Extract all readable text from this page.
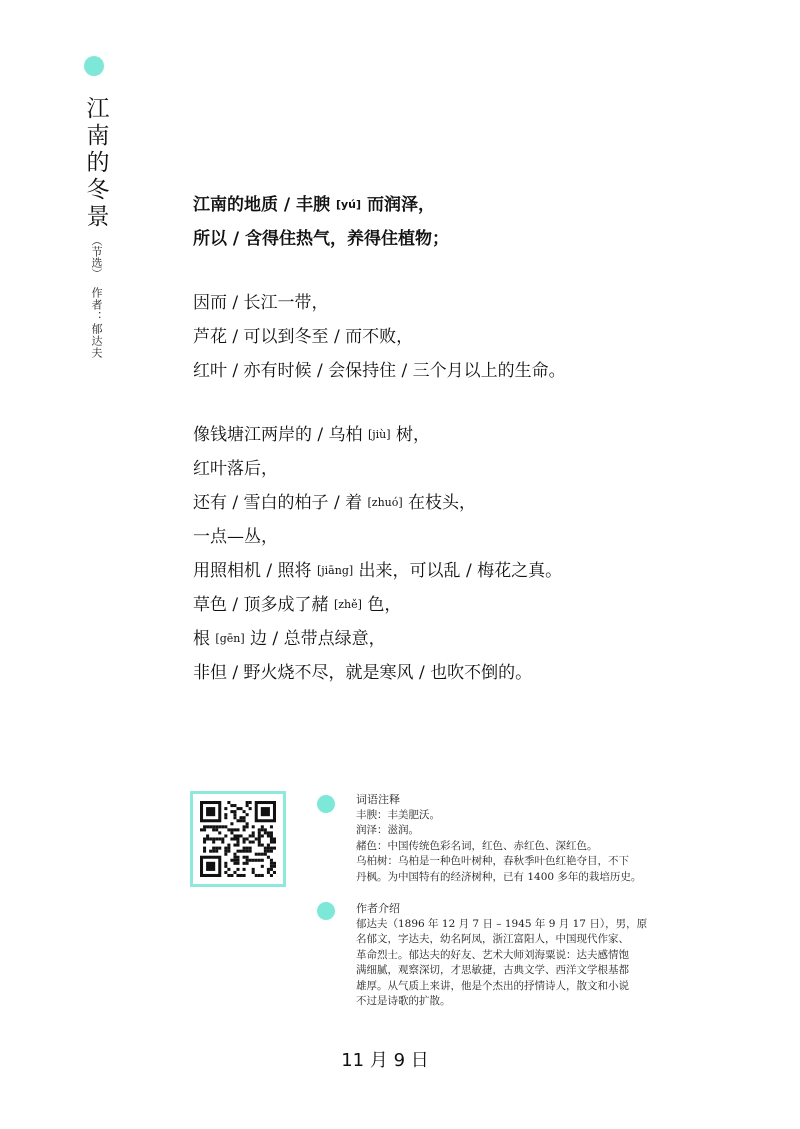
江南的冬景
（节选）
作者：郁达夫
江南的地质 / 丰腴 [yú] 而润泽，
所以 / 含得住热气，养得住植物；
因而 / 长江一带，
芦花 / 可以到冬至 / 而不败，
红叶 / 亦有时候 / 会保持住 / 三个月以上的生命。
像钱塘江两岸的 / 乌柏 [jiù] 树，
红叶落后，
还有 / 雪白的柏子 / 着 [zhuó] 在枝头，
一点—丛，
用照相机 / 照将 [jiāng] 出来，可以乱 / 梅花之真。
草色 / 顶多成了赭 [zhě] 色，
根 [gēn] 边 / 总带点绿意，
非但 / 野火烧不尽，就是寒风 / 也吹不倒的。
词语注释
丰腴：丰美肥沃。
润泽：滋润。
赭色：中国传统色彩名词，红色、赤红色、深红色。
乌柏树：乌柏是一种色叶树种，春秋季叶色红艳夺目，不下
丹枫。为中国特有的经济树种，已有 1400 多年的栽培历史。
作者介绍
郁达夫（1896 年 12 月 7 日 – 1945 年 9 月 17 日），男，原
名郁文，字达夫，幼名阿凤，浙江富阳人，中国现代作家、
革命烈士。郁达夫的好友、艺术大师刘海粟说：达夫感情饱
满细腻，观察深切，才思敏捷，古典文学、西洋文学根基都
雄厚。从气质上来讲，他是个杰出的抒情诗人，散文和小说
不过是诗歌的扩散。
11 月 9 日
